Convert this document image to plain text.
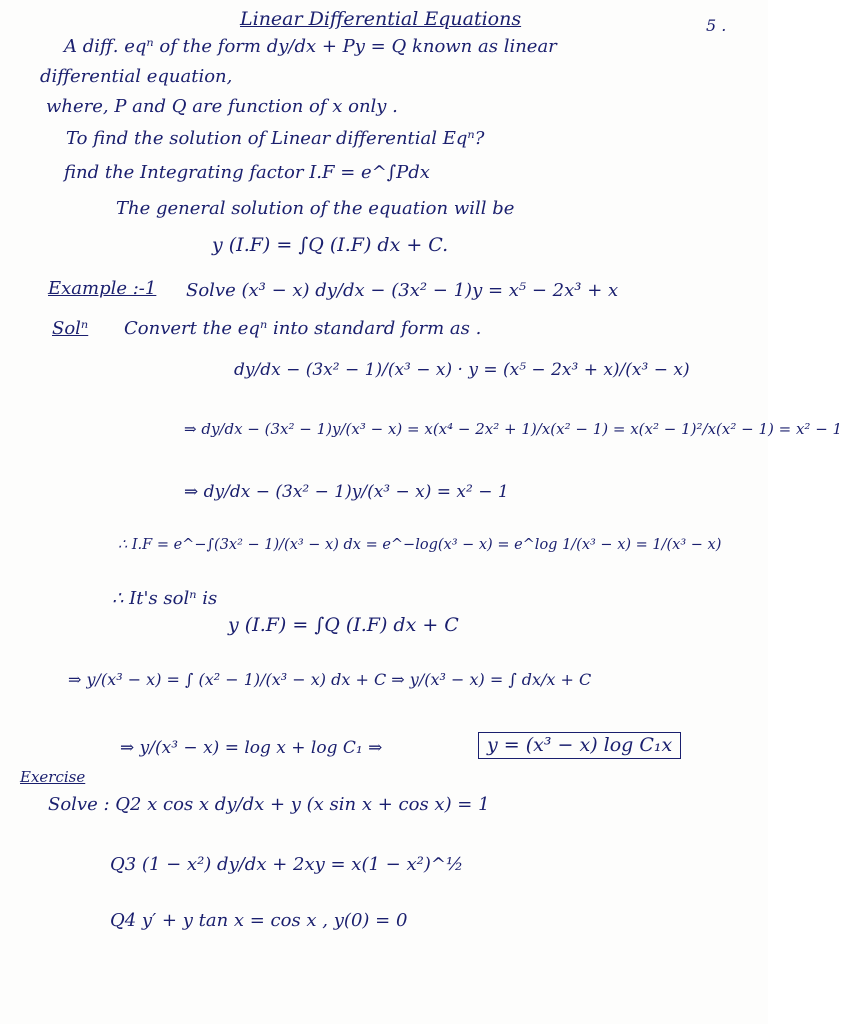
Linear Differential Equations	5 .
A diff. eqⁿ of the form dy/dx + Py = Q known as linear
differential equation,
where, P and Q are function of x only .
To find the solution of Linear differential Eqⁿ?
find the Integrating factor I.F = e^∫Pdx
The general solution of the equation will be
y (I.F) = ∫Q (I.F) dx + C.
Example :-1 Solve (x³ − x) dy/dx − (3x² − 1)y = x⁵ − 2x³ + x
Solⁿ Convert the eqⁿ into standard form as .
dy/dx − (3x² − 1)/(x³ − x) · y = (x⁵ − 2x³ + x)/(x³ − x)
⇒ dy/dx − (3x² − 1)y/(x³ − x) = x(x⁴ − 2x² + 1)/x(x² − 1) = x(x² − 1)²/x(x² − 1) = x² − 1
⇒ dy/dx − (3x² − 1)y/(x³ − x) = x² − 1
∴ I.F = e^−∫(3x² − 1)/(x³ − x) dx = e^−log(x³ − x) = e^log 1/(x³ − x) = 1/(x³ − x)
∴ It's solⁿ is
y (I.F) = ∫Q (I.F) dx + C
⇒ y/(x³ − x) = ∫ (x² − 1)/(x³ − x) dx + C ⇒ y/(x³ − x) = ∫ dx/x + C
⇒ y/(x³ − x) = log x + log C₁ ⇒	y = (x³ − x) log C₁x
Exercise
Solve : Q2 x cos x dy/dx + y (x sin x + cos x) = 1
Q3 (1 − x²) dy/dx + 2xy = x(1 − x²)^½
Q4 y′ + y tan x = cos x , y(0) = 0
